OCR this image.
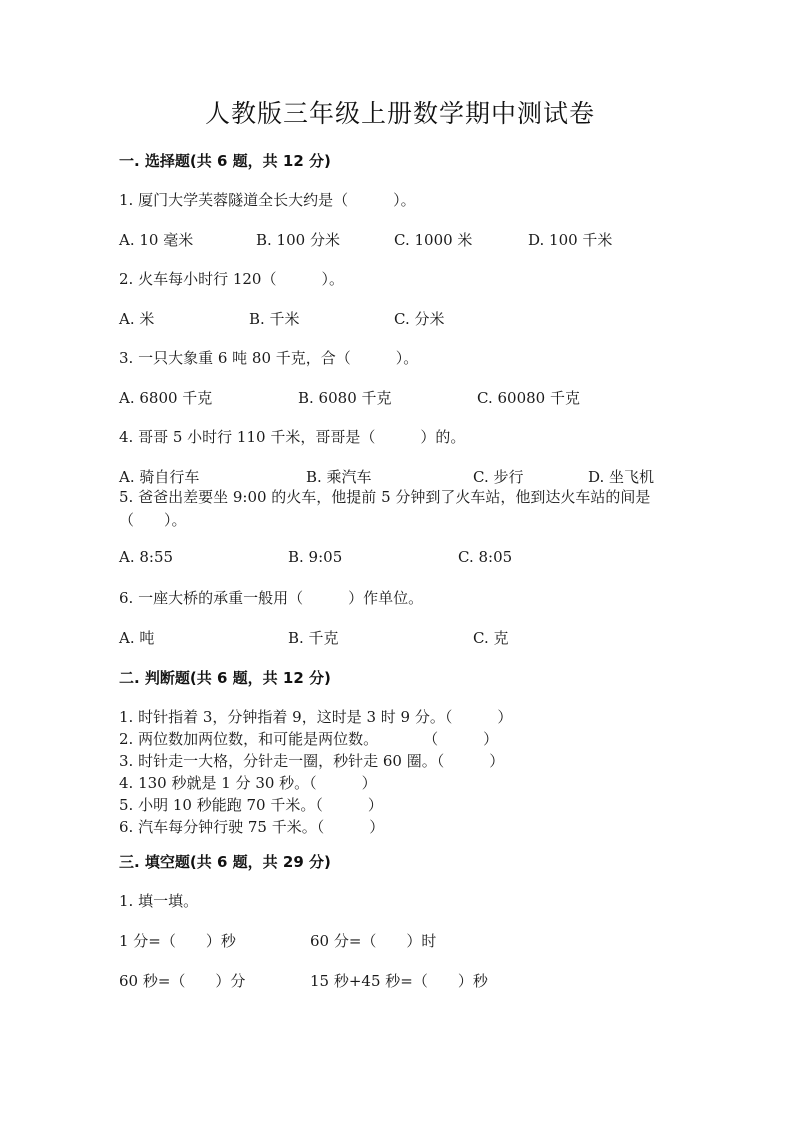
人教版三年级上册数学期中测试卷
一. 选择题(共 6 题，共 12 分)
1. 厦门大学芙蓉隧道全长大约是（　　　）。
A. 10 毫米	B. 100 分米	C. 1000 米	D. 100 千米
2. 火车每小时行 120（　　　）。
A. 米	B. 千米	C. 分米
3. 一只大象重 6 吨 80 千克，合（　　　）。
A. 6800 千克	B. 6080 千克	C. 60080 千克
4. 哥哥 5 小时行 110 千米，哥哥是（　　　）的。
A. 骑自行车	B. 乘汽车	C. 步行	D. 坐飞机
5. 爸爸出差要坐 9:00 的火车，他提前 5 分钟到了火车站，他到达火车站的间是
（　　）。
A. 8:55	B. 9:05	C. 8:05
6. 一座大桥的承重一般用（　　　）作单位。
A. 吨	B. 千克	C. 克
二. 判断题(共 6 题，共 12 分)
1. 时针指着 3，分钟指着 9，这时是 3 时 9 分。（　　　）
2. 两位数加两位数，和可能是两位数。　　　　（　　　）
3. 时针走一大格，分针走一圈，秒针走 60 圈。（　　　）
4. 130 秒就是 1 分 30 秒。（　　　）
5. 小明 10 秒能跑 70 千米。（　　　）
6. 汽车每分钟行驶 75 千米。（　　　）
三. 填空题(共 6 题，共 29 分)
1. 填一填。
1 分=（　　）秒	60 分=（　　）时
60 秒=（　　）分	15 秒+45 秒=（　　）秒
